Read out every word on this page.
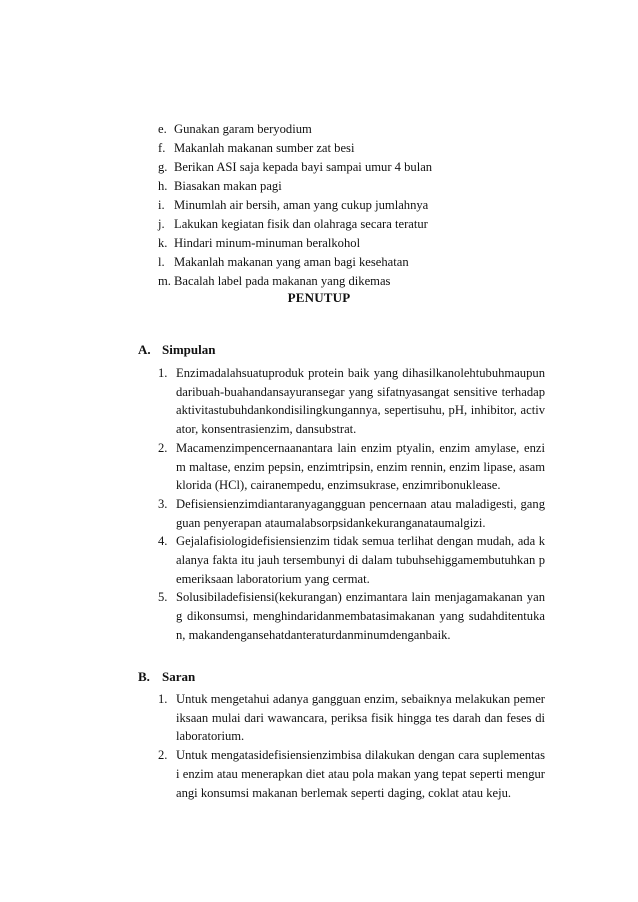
e. Gunakan garam beryodium
f. Makanlah makanan sumber zat besi
g. Berikan ASI saja kepada bayi sampai umur 4 bulan
h. Biasakan makan pagi
i. Minumlah air bersih, aman yang cukup jumlahnya
j. Lakukan kegiatan fisik dan olahraga secara teratur
k. Hindari minum-minuman beralkohol
l. Makanlah makanan yang aman bagi kesehatan
m. Bacalah label pada makanan yang dikemas
PENUTUP
A. Simpulan
1. Enzimadalahsuatuproduk protein baik yang dihasilkanolehtubuhmaupundaribuah-buahandansayuransegar yang sifatnyasangat sensitive terhadapaktivitastubuhdankondisilingkungannya, sepertisuhu, pH, inhibitor, activator, konsentrasienzim, dansubstrat.
2. Macamenzimpencernaanantara lain enzim ptyalin, enzim amylase, enzim maltase, enzim pepsin, enzimtripsin, enzim rennin, enzim lipase, asamklorida (HCl), cairanempedu, enzimsukrase, enzimribonuklease.
3. Defisiensienzimdiantaranyagangguan pencernaan atau maladigesti, gangguan penyerapan ataumalabsorpsidankekuranganataumalgizi.
4. Gejalafisiologidefisiensienzim tidak semua terlihat dengan mudah, ada kalanya fakta itu jauh tersembunyi di dalam tubuhsehiggamembutuhkan pemeriksaan laboratorium yang cermat.
5. Solusibiladefisiensi(kekurangan) enzimantara lain menjagamakanan yang dikonsumsi, menghindaridanmembatasimakanan yang sudahditentukan, makandengansehatdanteraturdanminumdenganbaik.
B. Saran
1. Untuk mengetahui adanya gangguan enzim, sebaiknya melakukan pemeriksaan mulai dari wawancara, periksa fisik hingga tes darah dan feses di laboratorium.
2. Untuk mengatasidefisiensienzimbisa dilakukan dengan cara suplementasi enzim atau menerapkan diet atau pola makan yang tepat seperti mengurangi konsumsi makanan berlemak seperti daging, coklat atau keju.
